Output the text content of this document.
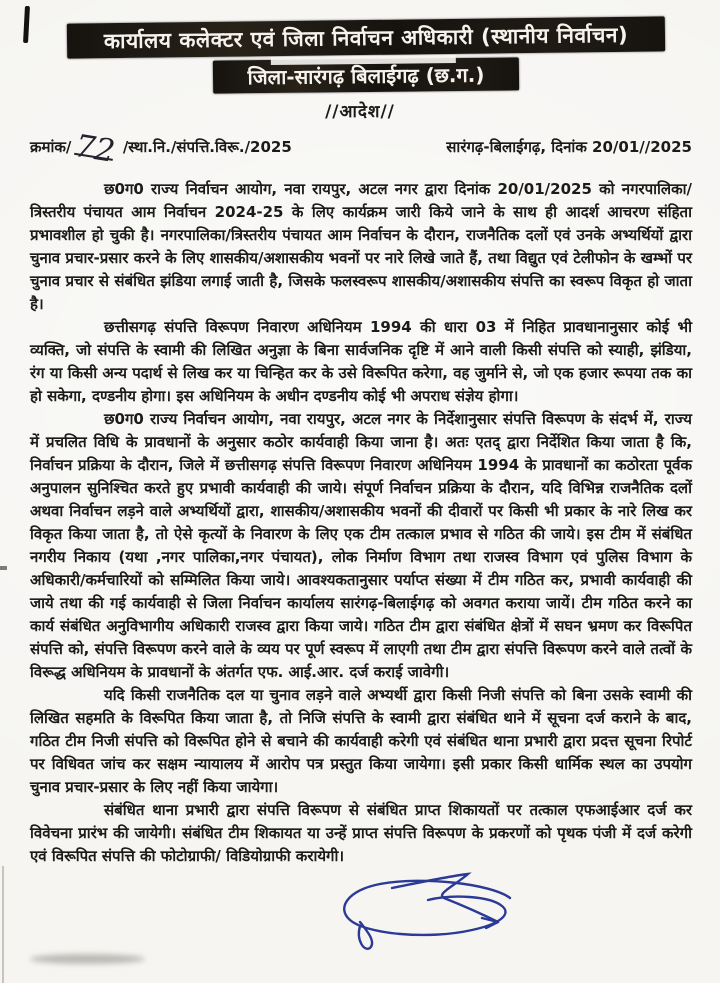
कार्यालय कलेक्टर एवं जिला निर्वाचन अधिकारी (स्थानीय निर्वाचन)
जिला-सारंगढ़ बिलाईगढ़ (छ.ग.)
//आदेश//
क्रमांक/72 /स्था.नि./संपत्ति.विरू./2025	सारंगढ़-बिलाईगढ़, दिनांक 20/01//2025

छ0ग0 राज्य निर्वाचन आयोग, नवा रायपुर, अटल नगर द्वारा दिनांक 20/01/2025 को नगरपालिका/त्रिस्तरीय पंचायत आम निर्वाचन 2024-25 के लिए कार्यक्रम जारी किये जाने के साथ ही आदर्श आचरण संहिता प्रभावशील हो चुकी है। नगरपालिका/त्रिस्तरीय पंचायत आम निर्वाचन के दौरान, राजनैतिक दलों एवं उनके अभ्यर्थियों द्वारा चुनाव प्रचार-प्रसार करने के लिए शासकीय/अशासकीय भवनों पर नारे लिखे जाते हैं, तथा विद्युत एवं टेलीफोन के खम्भों पर चुनाव प्रचार से संबंधित झंडिया लगाई जाती है, जिसके फलस्वरूप शासकीय/अशासकीय संपत्ति का स्वरूप विकृत हो जाता है।

छत्तीसगढ़ संपत्ति विरूपण निवारण अधिनियम 1994 की धारा 03 में निहित प्रावधानानुसार कोई भी व्यक्ति, जो संपत्ति के स्वामी की लिखित अनुज्ञा के बिना सार्वजनिक दृष्टि में आने वाली किसी संपत्ति को स्याही, झंडिया, रंग या किसी अन्य पदार्थ से लिख कर या चिन्हित कर के उसे विरूपित करेगा, वह जुर्माने से, जो एक हजार रूपया तक का हो सकेगा, दण्डनीय होगा। इस अधिनियम के अधीन दण्डनीय कोई भी अपराध संज्ञेय होगा।

छ0ग0 राज्य निर्वाचन आयोग, नवा रायपुर, अटल नगर के निर्देशानुसार संपत्ति विरूपण के संदर्भ में, राज्य में प्रचलित विधि के प्रावधानों के अनुसार कठोर कार्यवाही किया जाना है। अतः एतद् द्वारा निर्देशित किया जाता है कि, निर्वाचन प्रक्रिया के दौरान, जिले में छत्तीसगढ़ संपत्ति विरूपण निवारण अधिनियम 1994 के प्रावधानों का कठोरता पूर्वक अनुपालन सुनिश्चित करते हुए प्रभावी कार्यवाही की जाये। संपूर्ण निर्वाचन प्रक्रिया के दौरान, यदि विभिन्न राजनैतिक दलों अथवा निर्वाचन लड़ने वाले अभ्यर्थियों द्वारा, शासकीय/अशासकीय भवनों की दीवारों पर किसी भी प्रकार के नारे लिख कर विकृत किया जाता है, तो ऐसे कृत्यों के निवारण के लिए एक टीम तत्काल प्रभाव से गठित की जाये। इस टीम में संबंधित नगरीय निकाय (यथा ,नगर पालिका,नगर पंचायत), लोक निर्माण विभाग तथा राजस्व विभाग एवं पुलिस विभाग के अधिकारी/कर्मचारियों को सम्मिलित किया जाये। आवश्यकतानुसार पर्याप्त संख्या में टीम गठित कर, प्रभावी कार्यवाही की जाये तथा की गई कार्यवाही से जिला निर्वाचन कार्यालय सारंगढ़-बिलाईगढ़ को अवगत कराया जायें। टीम गठित करने का कार्य संबंधित अनुविभागीय अधिकारी राजस्व द्वारा किया जाये। गठित टीम द्वारा संबंधित क्षेत्रों में सघन भ्रमण कर विरूपित संपत्ति को, संपत्ति विरूपण करने वाले के व्यय पर पूर्ण स्वरूप में लाएगी तथा टीम द्वारा संपत्ति विरूपण करने वाले तत्वों के विरूद्ध अधिनियम के प्रावधानों के अंतर्गत एफ. आई.आर. दर्ज कराई जावेगी।

यदि किसी राजनैतिक दल या चुनाव लड़ने वाले अभ्यर्थी द्वारा किसी निजी संपत्ति को बिना उसके स्वामी की लिखित सहमति के विरूपित किया जाता है, तो निजि संपत्ति के स्वामी द्वारा संबंधित थाने में सूचना दर्ज कराने के बाद, गठित टीम निजी संपत्ति को विरूपित होने से बचाने की कार्यवाही करेगी एवं संबंधित थाना प्रभारी द्वारा प्रदत्त सूचना रिपोर्ट पर विधिवत जांच कर सक्षम न्यायालय में आरोप पत्र प्रस्तुत किया जायेगा। इसी प्रकार किसी धार्मिक स्थल का उपयोग चुनाव प्रचार-प्रसार के लिए नहीं किया जायेगा।

संबंधित थाना प्रभारी द्वारा संपत्ति विरूपण से संबंधित प्राप्त शिकायतों पर तत्काल एफआईआर दर्ज कर विवेचना प्रारंभ की जायेगी। संबंधित टीम शिकायत या उन्हें प्राप्त संपत्ति विरूपण के प्रकरणों को पृथक पंजी में दर्ज करेगी एवं विरूपित संपत्ति की फोटोग्राफी/ विडियोग्राफी करायेगी।
